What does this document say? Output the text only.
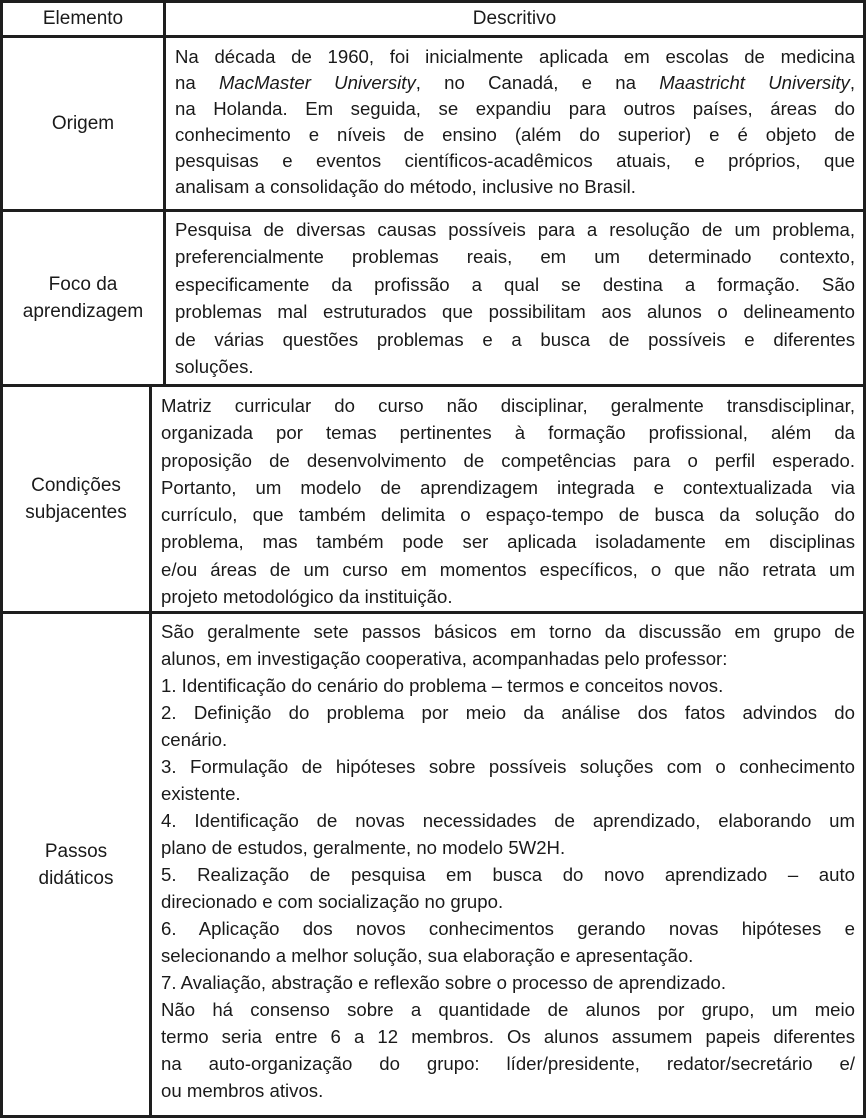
Elemento	Descritivo
Origem
Na década de 1960, foi inicialmente aplicada em escolas de medicina
na MacMaster University, no Canadá, e na Maastricht University,
na Holanda. Em seguida, se expandiu para outros países, áreas do
conhecimento e níveis de ensino (além do superior) e é objeto de
pesquisas e eventos científicos-acadêmicos atuais, e próprios, que
analisam a consolidação do método, inclusive no Brasil.
Foco da
aprendizagem
Pesquisa de diversas causas possíveis para a resolução de um problema,
preferencialmente problemas reais, em um determinado contexto,
especificamente da profissão a qual se destina a formação. São
problemas mal estruturados que possibilitam aos alunos o delineamento
de várias questões problemas e a busca de possíveis e diferentes
soluções.
Condições
subjacentes
Matriz curricular do curso não disciplinar, geralmente transdisciplinar,
organizada por temas pertinentes à formação profissional, além da
proposição de desenvolvimento de competências para o perfil esperado.
Portanto, um modelo de aprendizagem integrada e contextualizada via
currículo, que também delimita o espaço-tempo de busca da solução do
problema, mas também pode ser aplicada isoladamente em disciplinas
e/ou áreas de um curso em momentos específicos, o que não retrata um
projeto metodológico da instituição.
Passos
didáticos
São geralmente sete passos básicos em torno da discussão em grupo de
alunos, em investigação cooperativa, acompanhadas pelo professor:
1. Identificação do cenário do problema – termos e conceitos novos.
2. Definição do problema por meio da análise dos fatos advindos do
cenário.
3. Formulação de hipóteses sobre possíveis soluções com o conhecimento
existente.
4. Identificação de novas necessidades de aprendizado, elaborando um
plano de estudos, geralmente, no modelo 5W2H.
5. Realização de pesquisa em busca do novo aprendizado – auto
direcionado e com socialização no grupo.
6. Aplicação dos novos conhecimentos gerando novas hipóteses e
selecionando a melhor solução, sua elaboração e apresentação.
7. Avaliação, abstração e reflexão sobre o processo de aprendizado.
Não há consenso sobre a quantidade de alunos por grupo, um meio
termo seria entre 6 a 12 membros. Os alunos assumem papeis diferentes
na auto-organização do grupo: líder/presidente, redator/secretário e/
ou membros ativos.
